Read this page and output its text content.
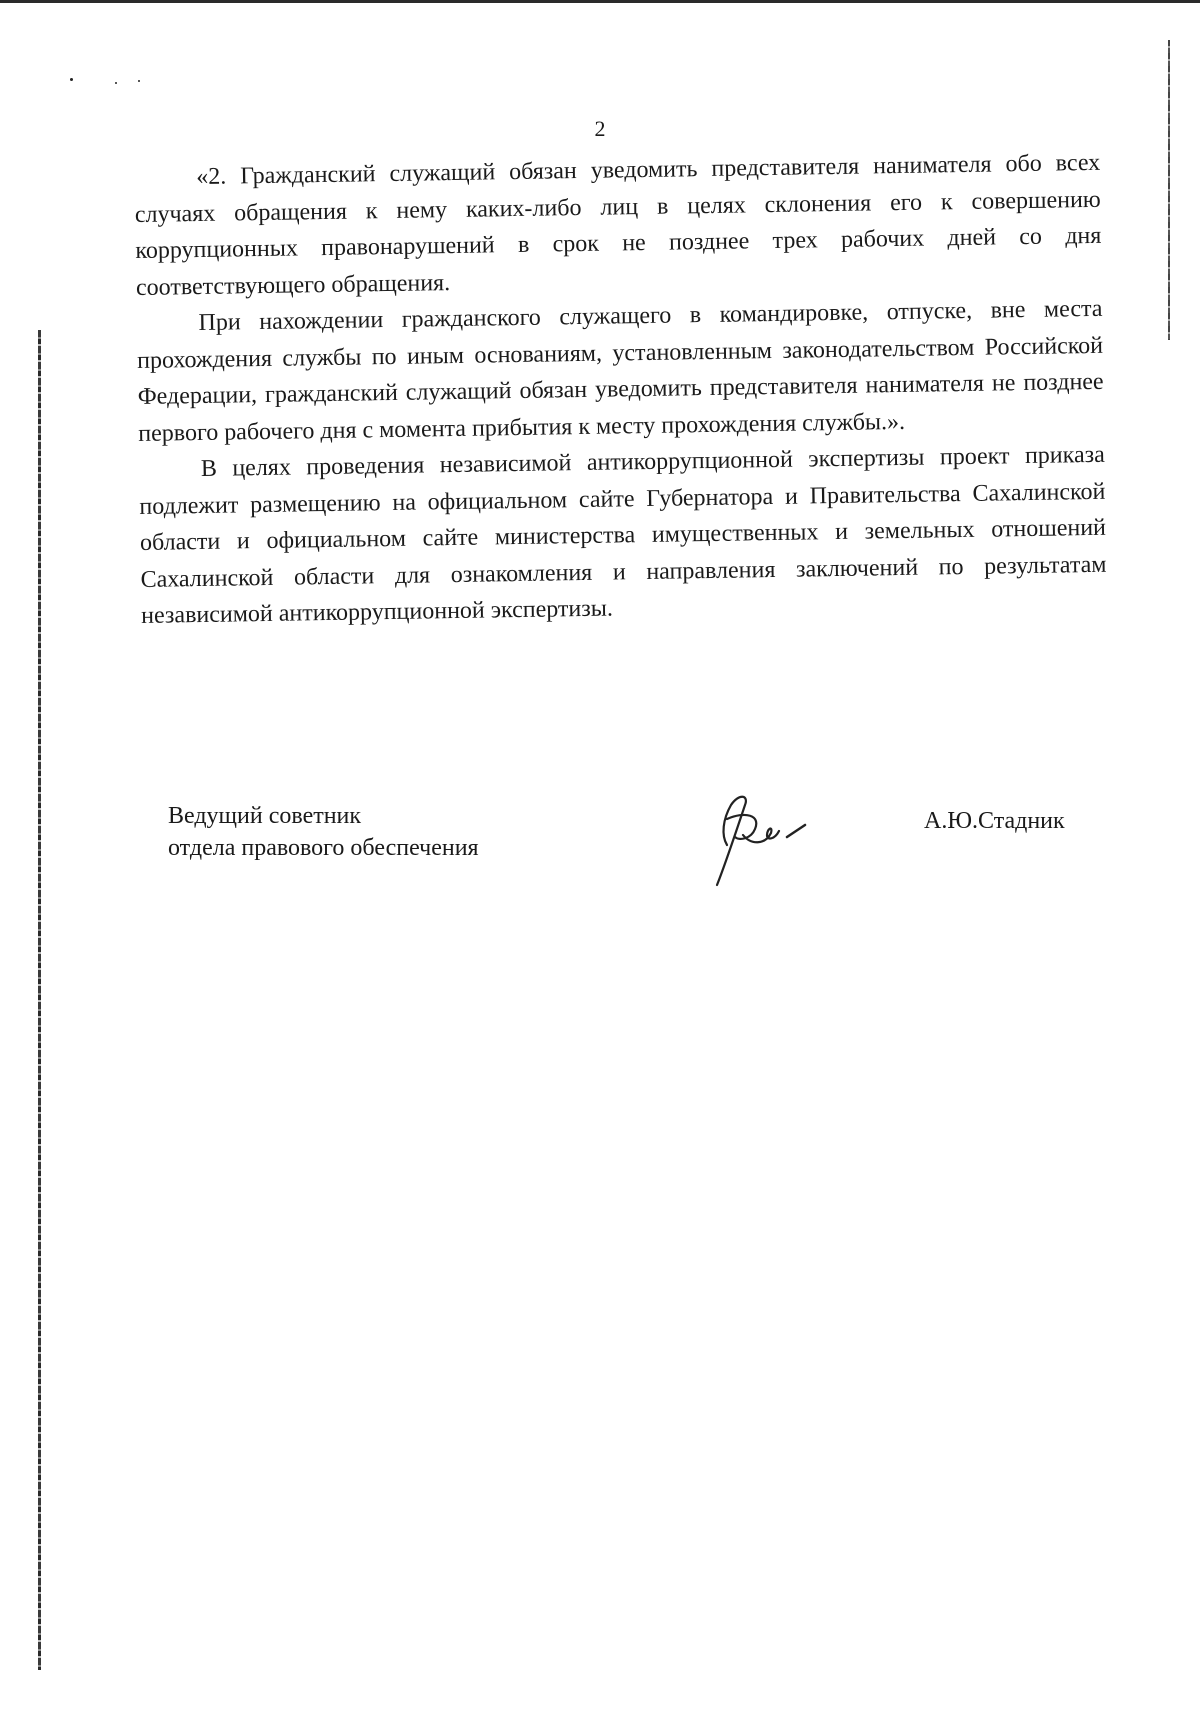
2

«2. Гражданский служащий обязан уведомить представителя нанимателя обо всех случаях обращения к нему каких-либо лиц в целях склонения его к совершению коррупционных правонарушений в срок не позднее трех рабочих дней со дня соответствующего обращения.

При нахождении гражданского служащего в командировке, отпуске, вне места прохождения службы по иным основаниям, установленным законодательством Российской Федерации, гражданский служащий обязан уведомить представителя нанимателя не позднее первого рабочего дня с момента прибытия к месту прохождения службы.».

В целях проведения независимой антикоррупционной экспертизы проект приказа подлежит размещению на официальном сайте Губернатора и Правительства Сахалинской области и официальном сайте министерства имущественных и земельных отношений Сахалинской области для ознакомления и направления заключений по результатам независимой антикоррупционной экспертизы.

Ведущий советник
отдела правового обеспечения
А.Ю.Стадник
